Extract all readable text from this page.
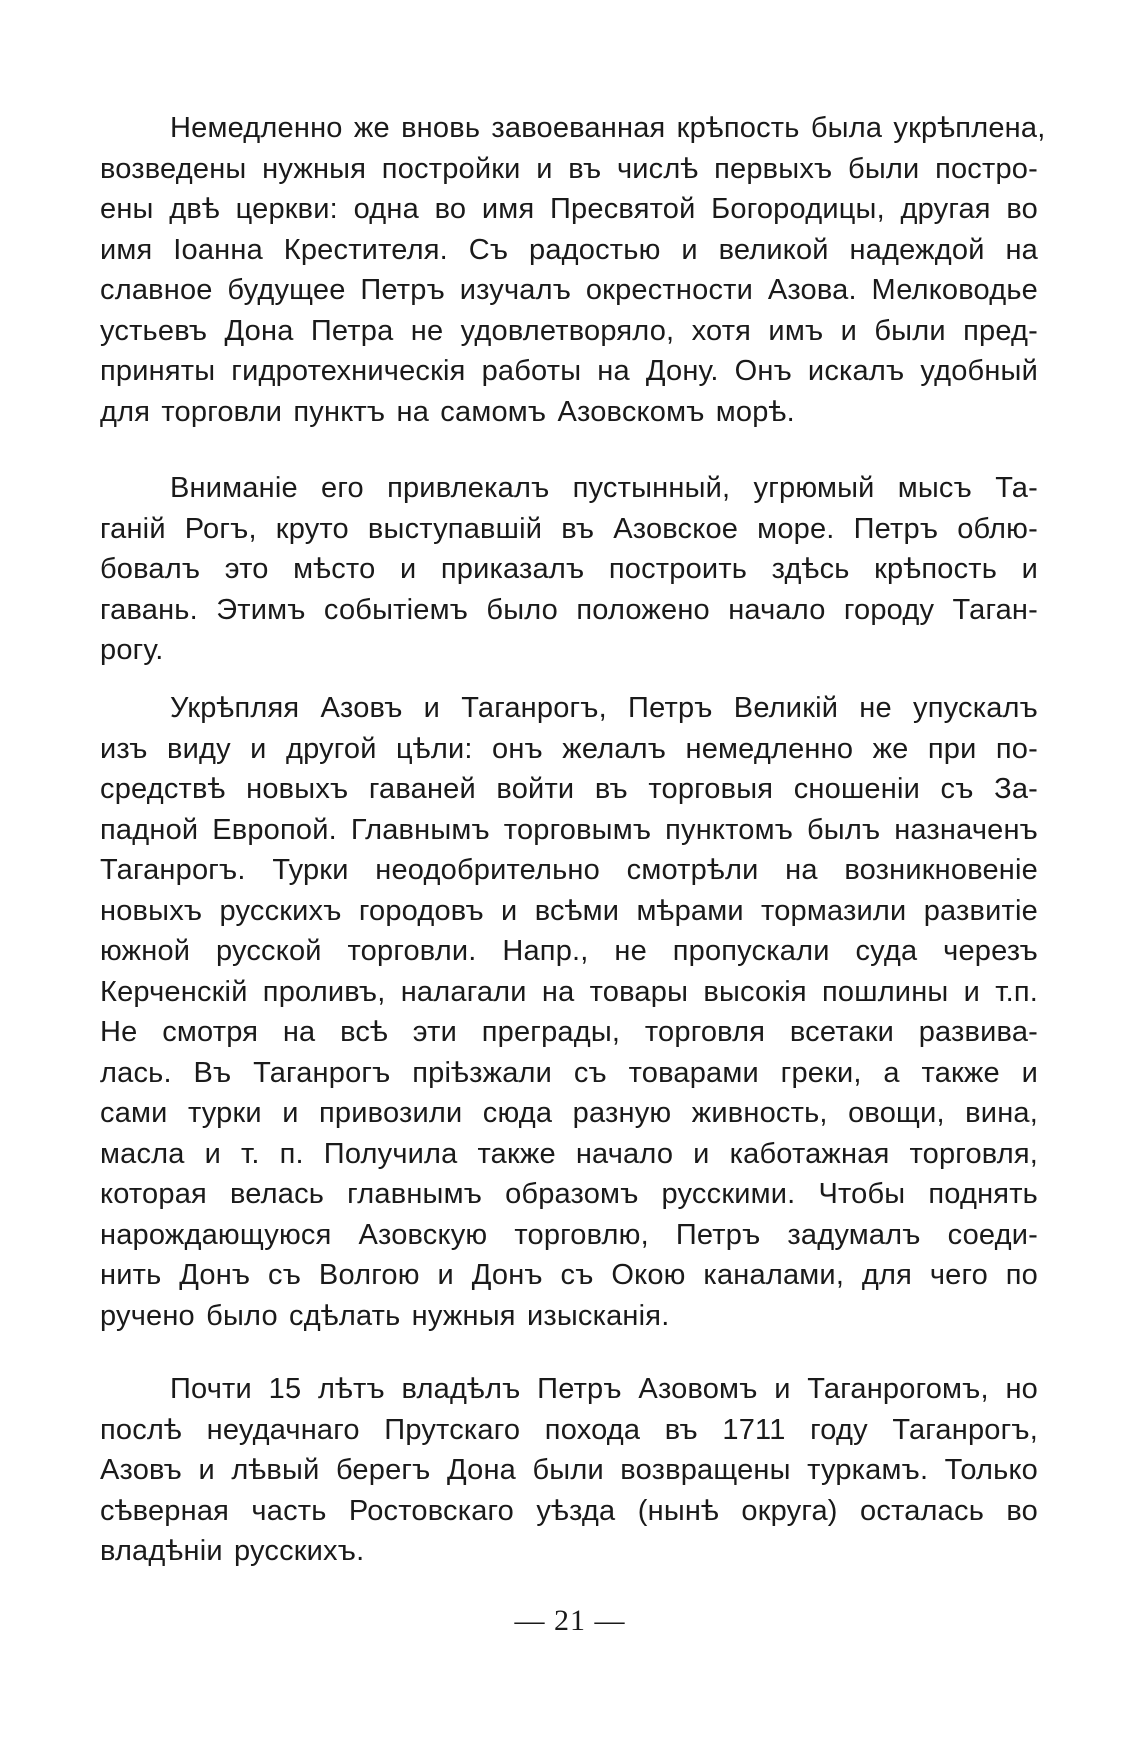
Немедленно же вновь завоеванная крѣпость была укрѣплена,
возведены нужныя постройки и въ числѣ первыхъ были постро-
ены двѣ церкви: одна во имя Пресвятой Богородицы, другая во
имя Іоанна Крестителя. Съ радостью и великой надеждой на
славное будущее Петръ изучалъ окрестности Азова. Мелководье
устьевъ Дона Петра не удовлетворяло, хотя имъ и были пред-
приняты гидротехническія работы на Дону. Онъ искалъ удобный
для торговли пунктъ на самомъ Азовскомъ морѣ.
Вниманіе его привлекалъ пустынный, угрюмый мысъ Та-
ганій Рогъ, круто выступавшій въ Азовское море. Петръ облю-
бовалъ это мѣсто и приказалъ построить здѣсь крѣпость и
гавань. Этимъ событіемъ было положено начало городу Таган-
рогу.
Укрѣпляя Азовъ и Таганрогъ, Петръ Великій не упускалъ
изъ виду и другой цѣли: онъ желалъ немедленно же при по-
средствѣ новыхъ гаваней войти въ торговыя сношеніи съ За-
падной Европой. Главнымъ торговымъ пунктомъ былъ назначенъ
Таганрогъ. Турки неодобрительно смотрѣли на возникновеніе
новыхъ русскихъ городовъ и всѣми мѣрами тормазили развитіе
южной русской торговли. Напр., не пропускали суда черезъ
Керченскій проливъ, налагали на товары высокія пошлины и т.п.
Не смотря на всѣ эти преграды, торговля всетаки развива-
лась. Въ Таганрогъ пріѣзжали съ товарами греки, а также и
сами турки и привозили сюда разную живность, овощи, вина,
масла и т. п. Получила также начало и каботажная торговля,
которая велась главнымъ образомъ русскими. Чтобы поднять
нарождающуюся Азовскую торговлю, Петръ задумалъ соеди-
нить Донъ съ Волгою и Донъ съ Окою каналами, для чего по
ручено было сдѣлать нужныя изысканія.
Почти 15 лѣтъ владѣлъ Петръ Азовомъ и Таганрогомъ, но
послѣ неудачнаго Прутскаго похода въ 1711 году Таганрогъ,
Азовъ и лѣвый берегъ Дона были возвращены туркамъ. Только
сѣверная часть Ростовскаго уѣзда (нынѣ округа) осталась во
владѣніи русскихъ.
— 21 —
